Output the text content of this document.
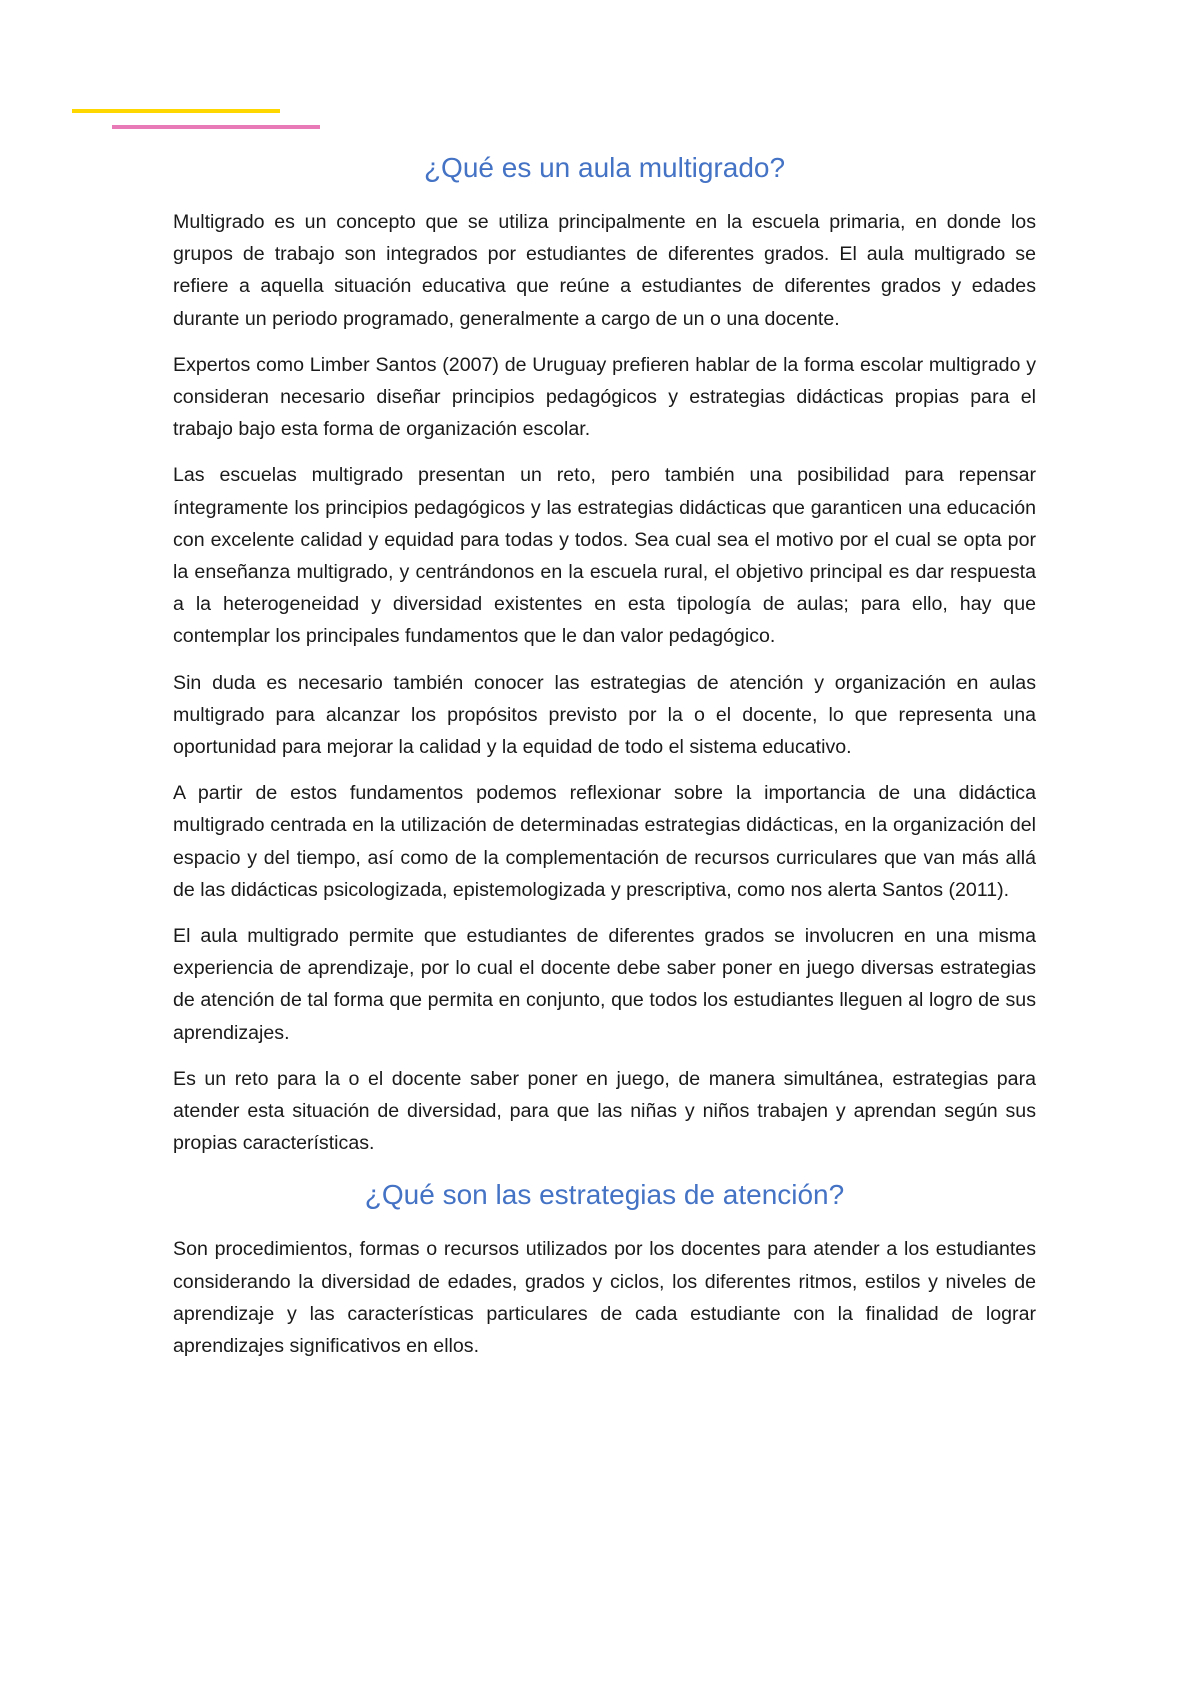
¿Qué es un aula multigrado?

Multigrado es un concepto que se utiliza principalmente en la escuela primaria, en donde los grupos de trabajo son integrados por estudiantes de diferentes grados. El aula multigrado se refiere a aquella situación educativa que reúne a estudiantes de diferentes grados y edades durante un periodo programado, generalmente a cargo de un o una docente.

Expertos como Limber Santos (2007) de Uruguay prefieren hablar de la forma escolar multigrado y consideran necesario diseñar principios pedagógicos y estrategias didácticas propias para el trabajo bajo esta forma de organización escolar.

Las escuelas multigrado presentan un reto, pero también una posibilidad para repensar íntegramente los principios pedagógicos y las estrategias didácticas que garanticen una educación con excelente calidad y equidad para todas y todos. Sea cual sea el motivo por el cual se opta por la enseñanza multigrado, y centrándonos en la escuela rural, el objetivo principal es dar respuesta a la heterogeneidad y diversidad existentes en esta tipología de aulas; para ello, hay que contemplar los principales fundamentos que le dan valor pedagógico.

Sin duda es necesario también conocer las estrategias de atención y organización en aulas multigrado para alcanzar los propósitos previsto por la o el docente, lo que representa una oportunidad para mejorar la calidad y la equidad de todo el sistema educativo.

A partir de estos fundamentos podemos reflexionar sobre la importancia de una didáctica multigrado centrada en la utilización de determinadas estrategias didácticas, en la organización del espacio y del tiempo, así como de la complementación de recursos curriculares que van más allá de las didácticas psicologizada, epistemologizada y prescriptiva, como nos alerta Santos (2011).

El aula multigrado permite que estudiantes de diferentes grados se involucren en una misma experiencia de aprendizaje, por lo cual el docente debe saber poner en juego diversas estrategias de atención de tal forma que permita en conjunto, que todos los estudiantes lleguen al logro de sus aprendizajes.

Es un reto para la o el docente saber poner en juego, de manera simultánea, estrategias para atender esta situación de diversidad, para que las niñas y niños trabajen y aprendan según sus propias características.

¿Qué son las estrategias de atención?

Son procedimientos, formas o recursos utilizados por los docentes para atender a los estudiantes considerando la diversidad de edades, grados y ciclos, los diferentes ritmos, estilos y niveles de aprendizaje y las características particulares de cada estudiante con la finalidad de lograr aprendizajes significativos en ellos.
